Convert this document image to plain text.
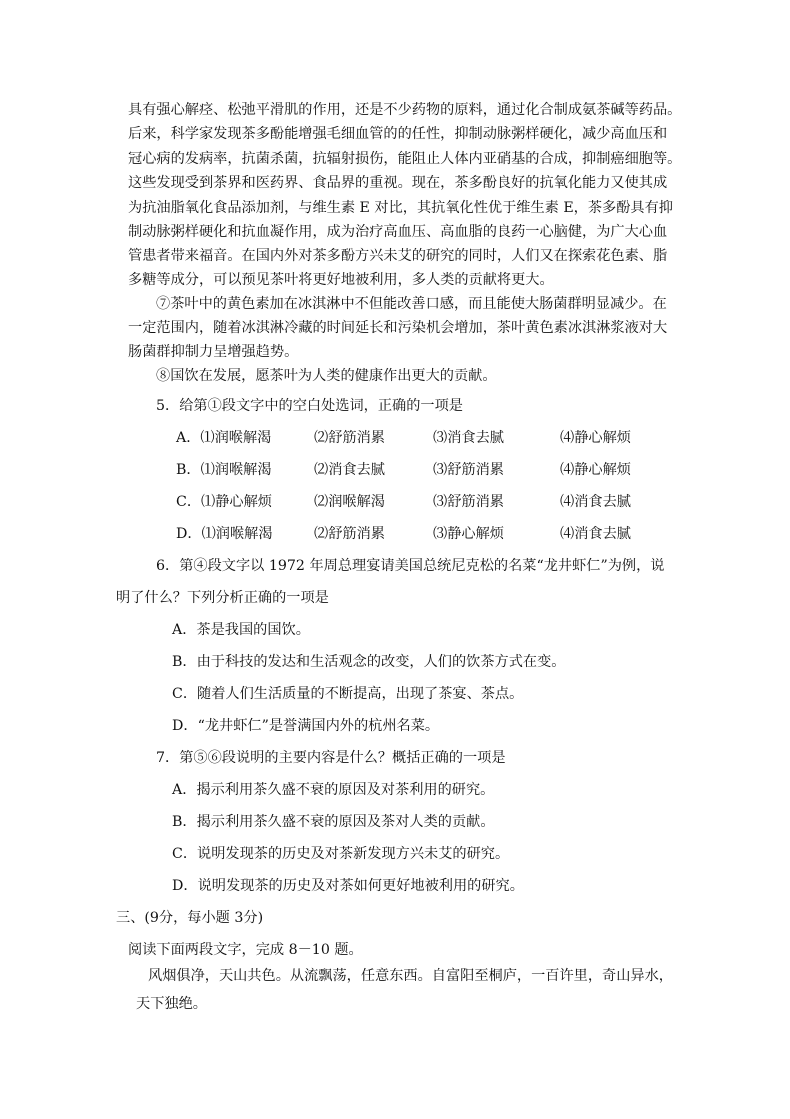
具有强心解痉、松弛平滑肌的作用，还是不少药物的原料，通过化合制成氨茶碱等药品。
后来，科学家发现茶多酚能增强毛细血管的的任性，抑制动脉粥样硬化，减少高血压和
冠心病的发病率，抗菌杀菌，抗辐射损伤，能阻止人体内亚硝基的合成，抑制癌细胞等。
这些发现受到茶界和医药界、食品界的重视。现在，茶多酚良好的抗氧化能力又使其成
为抗油脂氧化食品添加剂，与维生素 E 对比，其抗氧化性优于维生素 E，茶多酚具有抑
制动脉粥样硬化和抗血凝作用，成为治疗高血压、高血脂的良药一心脑健，为广大心血
管患者带来福音。在国内外对茶多酚方兴未艾的研究的同时，人们又在探索花色素、脂
多糖等成分，可以预见茶叶将更好地被利用，多人类的贡献将更大。
⑦茶叶中的黄色素加在冰淇淋中不但能改善口感，而且能使大肠菌群明显减少。在
一定范围内，随着冰淇淋冷藏的时间延长和污染机会增加，茶叶黄色素冰淇淋浆液对大
肠菌群抑制力呈增强趋势。
⑧国饮在发展，愿茶叶为人类的健康作出更大的贡献。
5．给第①段文字中的空白处选词，正确的一项是
A．⑴润喉解渴	⑵舒筋消累	⑶消食去腻	⑷静心解烦
B．⑴润喉解渴	⑵消食去腻	⑶舒筋消累	⑷静心解烦
C．⑴静心解烦	⑵润喉解渴	⑶舒筋消累	⑷消食去腻
D．⑴润喉解渴	⑵舒筋消累	⑶静心解烦	⑷消食去腻
6．第④段文字以 1972 年周总理宴请美国总统尼克松的名菜“龙井虾仁”为例，说
明了什么？下列分析正确的一项是
A．茶是我国的国饮。
B．由于科技的发达和生活观念的改变，人们的饮茶方式在变。
C．随着人们生活质量的不断提高，出现了茶宴、茶点。
D．“龙井虾仁”是誉满国内外的杭州名菜。
7．第⑤⑥段说明的主要内容是什么？概括正确的一项是
A．揭示利用茶久盛不衰的原因及对茶利用的研究。
B．揭示利用茶久盛不衰的原因及茶对人类的贡献。
C．说明发现茶的历史及对茶新发现方兴未艾的研究。
D．说明发现茶的历史及对茶如何更好地被利用的研究。
三、(9分，每小题 3分)
阅读下面两段文字，完成 8－10 题。
风烟俱净，天山共色。从流飘荡，任意东西。自富阳至桐庐，一百许里，奇山异水，
天下独绝。
